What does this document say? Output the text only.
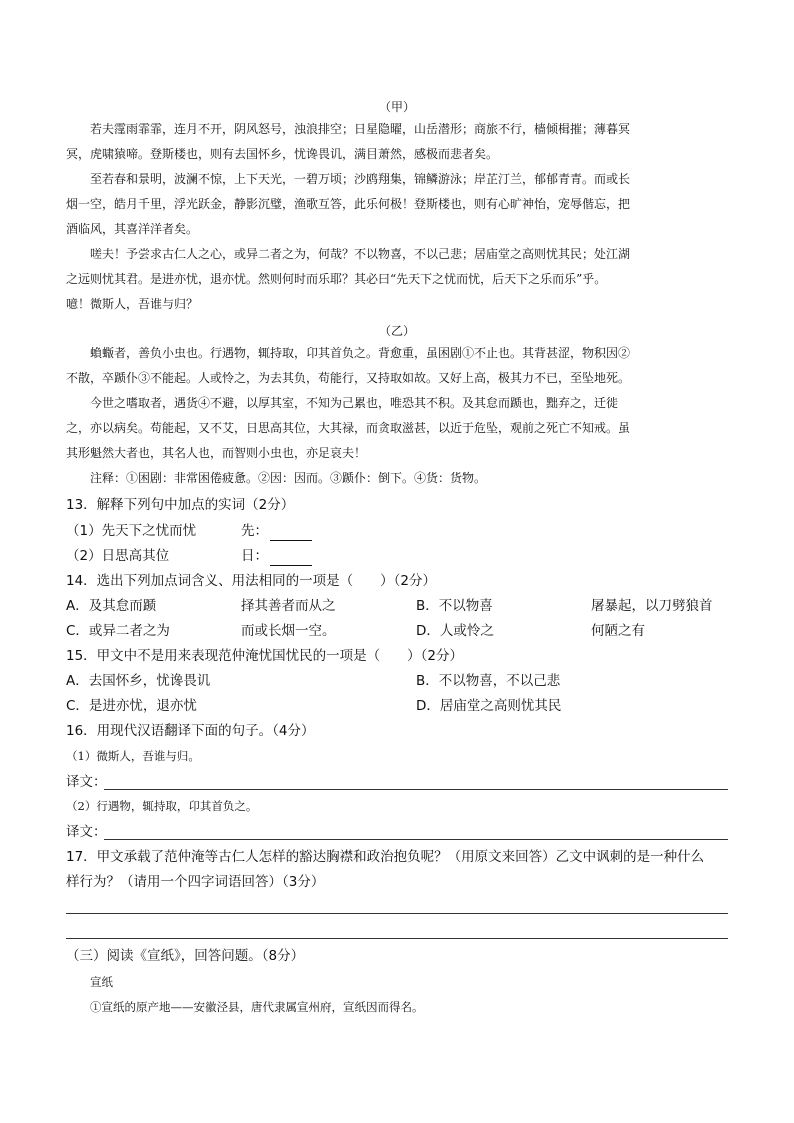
（甲）
若夫霪雨霏霏，连月不开，阴风怒号，浊浪排空；日星隐曜，山岳潜形；商旅不行，樯倾楫摧；薄暮冥
冥，虎啸猿啼。登斯楼也，则有去国怀乡，忧谗畏讥，满目萧然，感极而悲者矣。
至若春和景明，波澜不惊，上下天光，一碧万顷；沙鸥翔集，锦鳞游泳；岸芷汀兰，郁郁青青。而或长
烟一空，皓月千里，浮光跃金，静影沉璧，渔歌互答，此乐何极！登斯楼也，则有心旷神怡，宠辱偕忘，把
酒临风，其喜洋洋者矣。
嗟夫！予尝求古仁人之心，或异二者之为，何哉？不以物喜，不以己悲；居庙堂之高则忧其民；处江湖
之远则忧其君。是进亦忧，退亦忧。然则何时而乐耶？其必曰“先天下之忧而忧，后天下之乐而乐”乎。
噫！微斯人，吾谁与归？
（乙）
蝜蝂者，善负小虫也。行遇物，辄持取，卬其首负之。背愈重，虽困剧①不止也。其背甚涩，物积因②
不散，卒踬仆③不能起。人或怜之，为去其负，苟能行，又持取如故。又好上高，极其力不已，至坠地死。
今世之嗜取者，遇货④不避，以厚其室，不知为己累也，唯恐其不积。及其怠而踬也，黜弃之，迁徙
之，亦以病矣。苟能起，又不艾，日思高其位，大其禄，而贪取滋甚，以近于危坠，观前之死亡不知戒。虽
其形魁然大者也，其名人也，而智则小虫也，亦足哀夫！
注释：①困剧：非常困倦疲惫。②因：因而。③踬仆：倒下。④货：货物。
13．解释下列句中加点的实词（2分）
（1）先天下之忧而忧	先：
（2）日思高其位	日：
14．选出下列加点词含义、用法相同的一项是（　　）（2分）
A．及其怠而踬	择其善者而从之	B．不以物喜	屠暴起，以刀劈狼首
C．或异二者之为	而或长烟一空。	D．人或怜之	何陋之有
15．甲文中不是用来表现范仲淹忧国忧民的一项是（　　）（2分）
A．去国怀乡，忧谗畏讥	B．不以物喜，不以己悲
C．是进亦忧，退亦忧	D．居庙堂之高则忧其民
16．用现代汉语翻译下面的句子。（4分）
（1）微斯人，吾谁与归。
译文：
（2）行遇物，辄持取，卬其首负之。
译文：
17．甲文承载了范仲淹等古仁人怎样的豁达胸襟和政治抱负呢？（用原文来回答）乙文中讽刺的是一种什么
样行为？（请用一个四字词语回答）（3分）
（三）阅读《宣纸》，回答问题。（8分）
宣纸
①宣纸的原产地——安徽泾县，唐代隶属宣州府，宣纸因而得名。
